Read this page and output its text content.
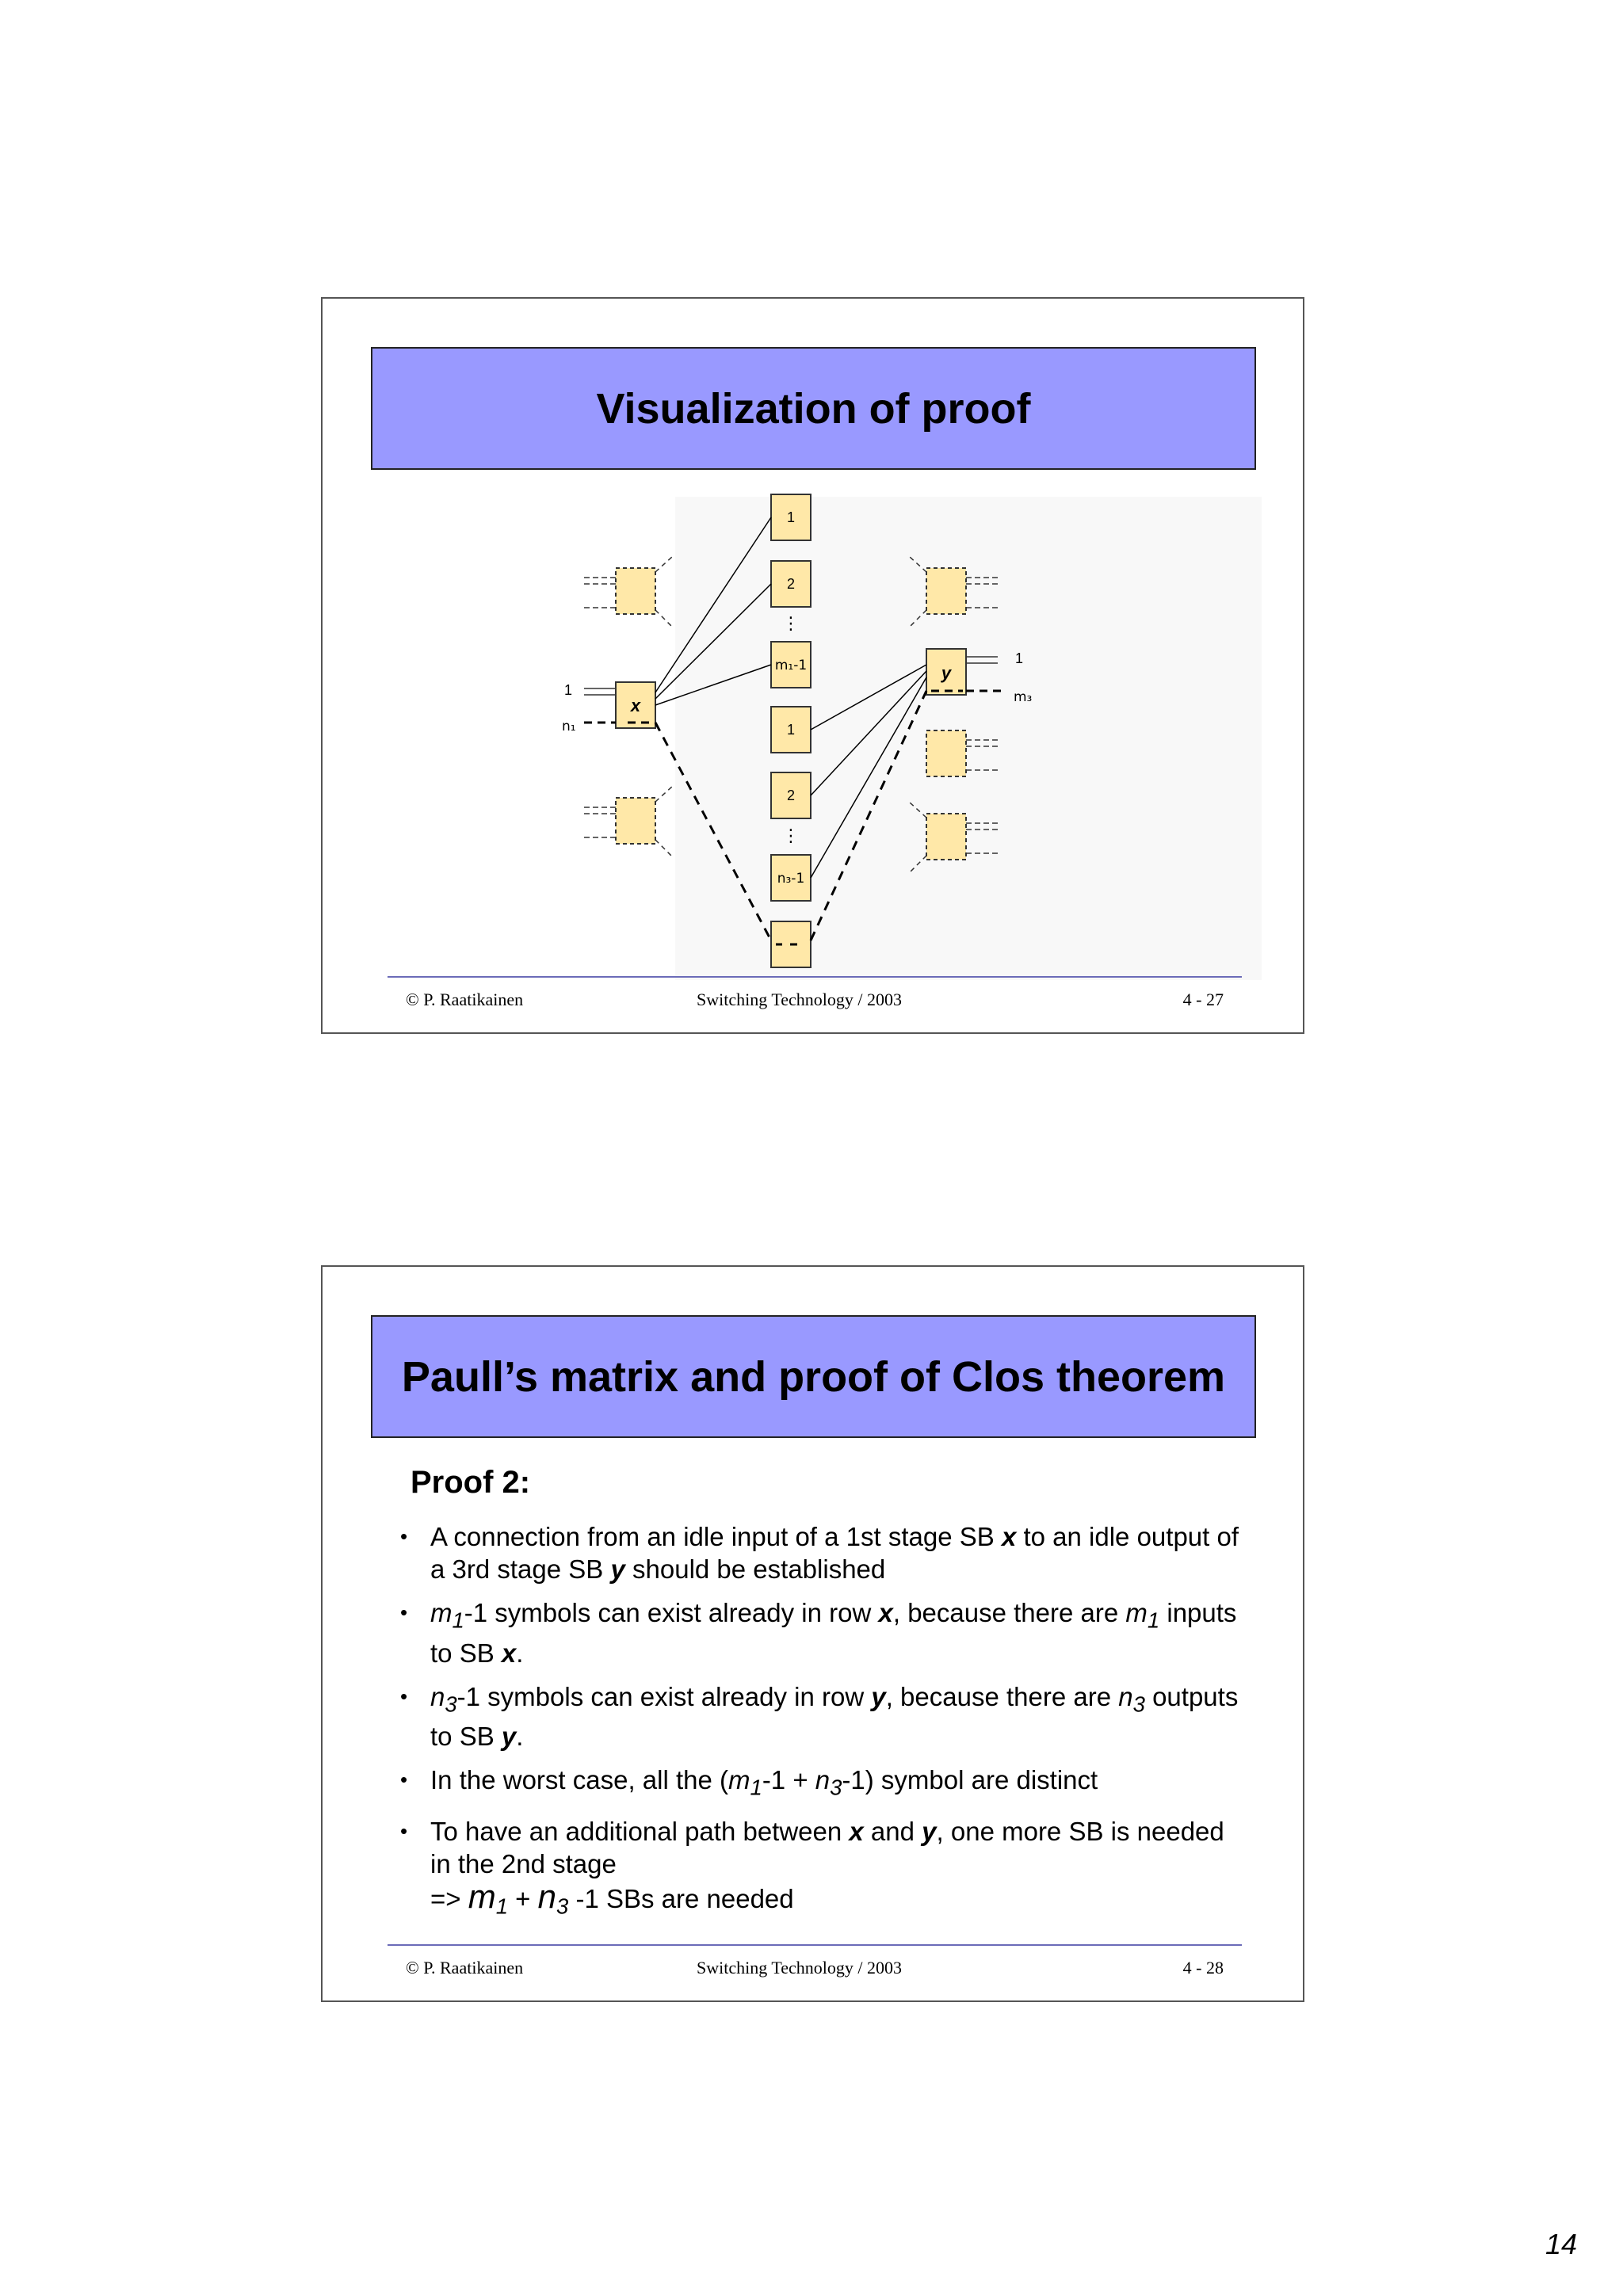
Visualization of proof
1
2
⋮
m₁-1
1
2
⋮
n₃-1
x
1
n₁
y
1
m₃
© P. Raatikainen	Switching Technology / 2003	4 - 27
Paull’s matrix and proof of Clos theorem
Proof 2:
• A connection from an idle input of a 1st stage SB x to an idle output of a 3rd stage SB y should be established
• $m_1-1$ symbols can exist already in row x, because there are $m_1$ inputs to SB x.
• $n_3-1$ symbols can exist already in row y, because there are $n_3$ outputs to SB y.
• In the worst case, all the $(m_1-1 + n_3-1)$ symbol are distinct
• To have an additional path between x and y, one more SB is needed in the 2nd stage
=> $m_1 + n_3$ -1 SBs are needed
© P. Raatikainen	Switching Technology / 2003	4 - 28
14
